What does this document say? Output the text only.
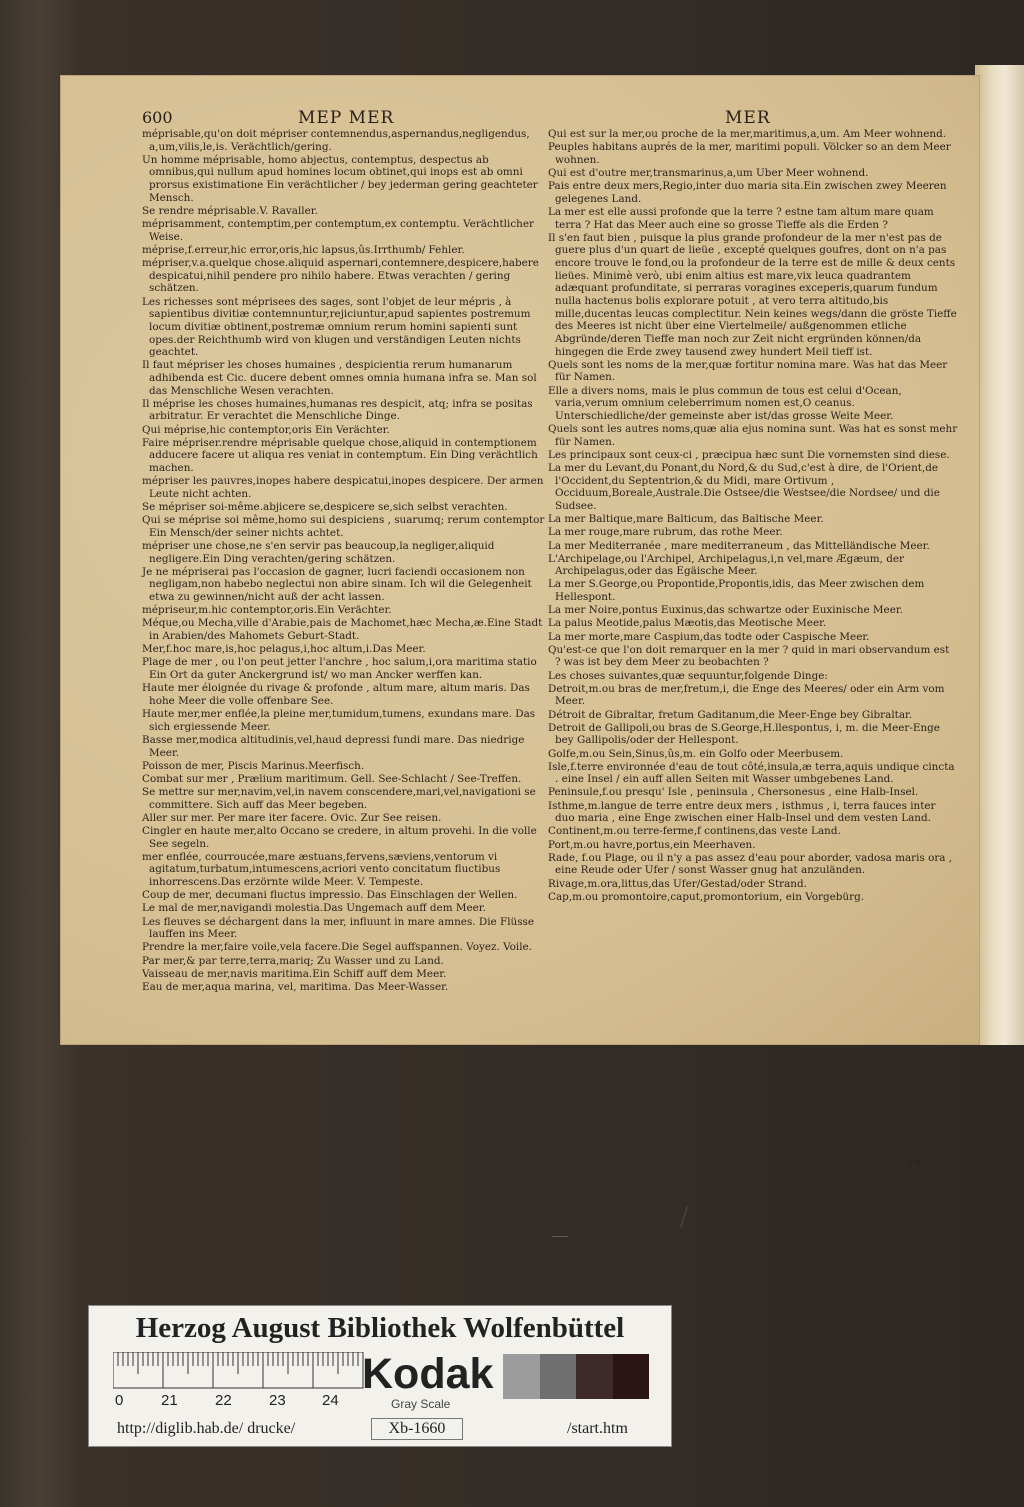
600	MEP MER	MER

méprisable,qu'on doit mépriser contemnendus,aspernandus,negligendus, a,um,vilis,le,is. Verächtlich/gering.

Un homme méprisable, homo abjectus, contemptus, despectus ab omnibus,qui nullum apud homines locum obtinet,qui inops est ab omni prorsus existimatione Ein verächtlicher / bey jederman gering geachteter Mensch.

Se rendre méprisable.V. Ravaller.

méprisamment, contemptim,per contemptum,ex contemptu. Verächtlicher Weise.

méprise,f.erreur,hic error,oris,hic lapsus,ûs.Irrthumb/ Fehler.

mépriser,v.a.quelque chose.aliquid aspernari,contemnere,despicere,habere despicatui,nihil pendere pro nihilo habere. Etwas verachten / gering schätzen.

Les richesses sont méprisees des sages, sont l'objet de leur mépris , à sapientibus divitiæ contemnuntur,rejiciuntur,apud sapientes postremum locum divitiæ obtinent,postremæ omnium rerum homini sapienti sunt opes.der Reichthumb wird von klugen und verständigen Leuten nichts geachtet.

Il faut mépriser les choses humaines , despicientia rerum humanarum adhibenda est Cic. ducere debent omnes omnia humana infra se. Man sol das Menschliche Wesen verachten.

Il méprise les choses humaines,humanas res despicit, atq; infra se positas arbitratur. Er verachtet die Menschliche Dinge.

Qui méprise,hic contemptor,oris Ein Verächter.

Faire mépriser.rendre méprisable quelque chose,aliquid in contemptionem adducere facere ut aliqua res veniat in contemptum. Ein Ding verächtlich machen.

mépriser les pauvres,inopes habere despicatui,inopes despicere. Der armen Leute nicht achten.

Se mépriser soi-même.abjicere se,despicere se,sich selbst verachten.

Qui se méprise soi même,homo sui despiciens , suarumq; rerum contemptor Ein Mensch/der seiner nichts achtet.

mépriser une chose,ne s'en servir pas beaucoup,la negliger,aliquid negligere.Ein Ding verachten/gering schätzen.

Je ne mépriserai pas l'occasion de gagner, lucri faciendi occasionem non negligam,non habebo neglectui non abire sinam. Ich wil die Gelegenheit etwa zu gewinnen/nicht auß der acht lassen.

mépriseur,m.hic contemptor,oris.Ein Verächter.

Méque,ou Mecha,ville d'Arabie,pais de Machomet,hæc Mecha,æ.Eine Stadt in Arabien/des Mahomets Geburt-Stadt.

Mer,f.hoc mare,is,hoc pelagus,i,hoc altum,i.Das Meer.

Plage de mer , ou l'on peut jetter l'anchre , hoc salum,i,ora maritima statio Ein Ort da guter Anckergrund ist/ wo man Ancker werffen kan.

Haute mer éloignée du rivage & profonde , altum mare, altum maris. Das hohe Meer die volle offenbare See.

Haute mer,mer enflée,la pleine mer,tumidum,tumens, exundans mare. Das sich ergiessende Meer.

Basse mer,modica altitudinis,vel,haud depressi fundi mare. Das niedrige Meer.

Poisson de mer, Piscis Marinus.Meerfisch.

Combat sur mer , Prælium maritimum. Gell. See-Schlacht / See-Treffen.

Se mettre sur mer,navim,vel,in navem conscendere,mari,vel,navigationi se committere. Sich auff das Meer begeben.

Aller sur mer. Per mare iter facere. Ovic. Zur See reisen.

Cingler en haute mer,alto Occano se credere, in altum provehi. In die volle See segeln.

mer enflée, courroucée,mare æstuans,fervens,sæviens,ventorum vi agitatum,turbatum,intumescens,acriori vento concitatum fluctibus inhorrescens.Das erzörnte wilde Meer. V. Tempeste.

Coup de mer, decumani fluctus impressio. Das Einschlagen der Wellen.

Le mal de mer,navigandi molestia.Das Ungemach auff dem Meer.

Les fleuves se déchargent dans la mer, influunt in mare amnes. Die Flüsse lauffen ins Meer.

Prendre la mer,faire voile,vela facere.Die Segel auffspannen. Voyez. Voile.

Par mer,& par terre,terra,mariq; Zu Wasser und zu Land.

Vaisseau de mer,navis maritima.Ein Schiff auff dem Meer.

Eau de mer,aqua marina, vel, maritima. Das Meer-Wasser.

Qui est sur la mer,ou proche de la mer,maritimus,a,um. Am Meer wohnend.

Peuples habitans auprés de la mer, maritimi populi. Völcker so an dem Meer wohnen.

Qui est d'outre mer,transmarinus,a,um Uber Meer wohnend.

Pais entre deux mers,Regio,inter duo maria sita.Ein zwischen zwey Meeren gelegenes Land.

La mer est elle aussi profonde que la terre ? estne tam altum mare quam terra ? Hat das Meer auch eine so grosse Tieffe als die Erden ?

Il s'en faut bien , puisque la plus grande profondeur de la mer n'est pas de guere plus d'un quart de lieüe , excepté quelques goufres, dont on n'a pas encore trouve le fond,ou la profondeur de la terre est de mille & deux cents lieües. Minimè verò, ubi enim altius est mare,vix leuca quadrantem adæquant profunditate, si perraras voragines exceperis,quarum fundum nulla hactenus bolis explorare potuit , at vero terra altitudo,bis mille,ducentas leucas complectitur. Nein keines wegs/dann die gröste Tieffe des Meeres ist nicht über eine Viertelmeile/ außgenommen etliche Abgründe/deren Tieffe man noch zur Zeit nicht ergründen können/da hingegen die Erde zwey tausend zwey hundert Meil tieff ist.

Quels sont les noms de la mer,quæ fortitur nomina mare. Was hat das Meer für Namen.

Elle a divers noms, mais le plus commun de tous est celui d'Ocean, varia,verum omnium celeberrimum nomen est,O ceanus. Unterschiedliche/der gemeinste aber ist/das grosse Weite Meer.

Quels sont les autres noms,quæ alia ejus nomina sunt. Was hat es sonst mehr für Namen.

Les principaux sont ceux-ci , præcipua hæc sunt Die vornemsten sind diese.

La mer du Levant,du Ponant,du Nord,& du Sud,c'est à dire, de l'Orient,de l'Occident,du Septentrion,& du Midi, mare Ortivum , Occiduum,Boreale,Australe.Die Ostsee/die Westsee/die Nordsee/ und die Sudsee.

La mer Baltique,mare Balticum, das Baltische Meer.

La mer rouge,mare rubrum, das rothe Meer.

La mer Mediterranée , mare mediterraneum , das Mittelländische Meer.

L'Archipelage,ou l'Archipel, Archipelagus,i,n vel,mare Ægæum, der Archipelagus,oder das Egäische Meer.

La mer S.George,ou Propontide,Propontis,idis, das Meer zwischen dem Hellespont.

La mer Noire,pontus Euxinus,das schwartze oder Euxinische Meer.

La palus Meotide,palus Mæotis,das Meotische Meer.

La mer morte,mare Caspium,das todte oder Caspische Meer.

Qu'est-ce que l'on doit remarquer en la mer ? quid in mari observandum est ? was ist bey dem Meer zu beobachten ?

Les choses suivantes,quæ sequuntur,folgende Dinge:

Detroit,m.ou bras de mer,fretum,i, die Enge des Meeres/ oder ein Arm vom Meer.

Détroit de Gibraltar, fretum Gaditanum,die Meer-Enge bey Gibraltar.

Detroit de Gallipoli,ou bras de S.George,H.llespontus, i, m. die Meer-Enge bey Gallipolis/oder der Hellespont.

Golfe,m.ou Sein,Sinus,ûs,m. ein Golfo oder Meerbusem.

Isle,f.terre environnée d'eau de tout côté,insula,æ terra,aquis undique cincta . eine Insel / ein auff allen Seiten mit Wasser umbgebenes Land.

Peninsule,f.ou presqu' Isle , peninsula , Chersonesus , eine Halb-Insel.

Isthme,m.langue de terre entre deux mers , isthmus , i, terra fauces inter duo maria , eine Enge zwischen einer Halb-Insel und dem vesten Land.

Continent,m.ou terre-ferme,f continens,das veste Land.

Port,m.ou havre,portus,ein Meerhaven.

Rade, f.ou Plage, ou il n'y a pas assez d'eau pour aborder, vadosa maris ora , eine Reude oder Ufer / sonst Wasser gnug hat anzuländen.

Rivage,m.ora,littus,das Ufer/Gestad/oder Strand.

Cap,m.ou promontoire,caput,promontorium, ein Vorgebürg.

Pa-
Herzog August Bibliothek Wolfenbüttel
0	21 22 23 24
Kodak
Gray Scale
http://diglib.hab.de/ drucke/	Xb-1660	/start.htm
